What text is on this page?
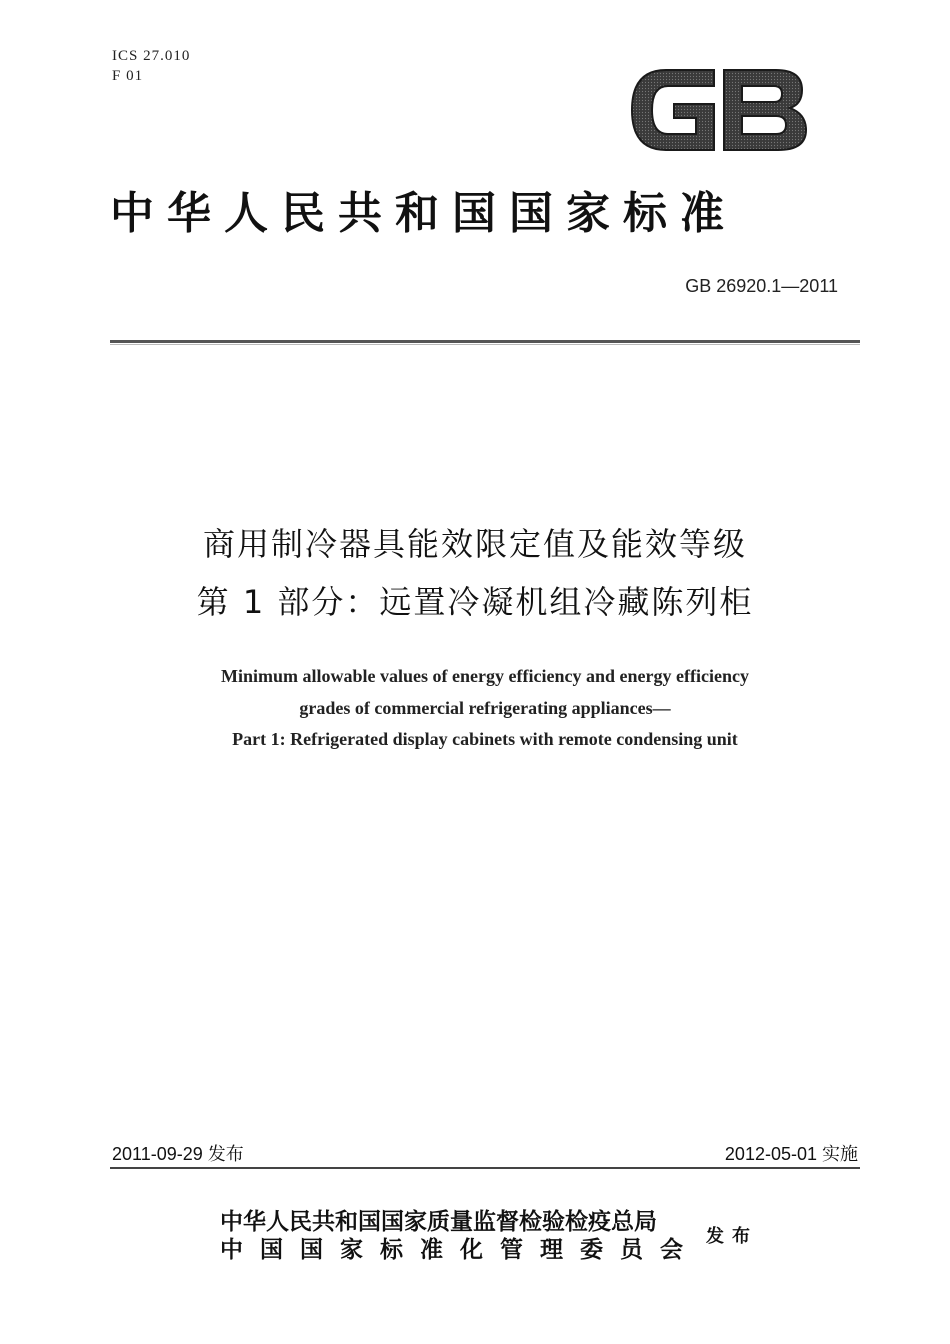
ICS 27.010
F 01
中华人民共和国国家标准
GB 26920.1—2011
商用制冷器具能效限定值及能效等级
第 1 部分：远置冷凝机组冷藏陈列柜
Minimum allowable values of energy efficiency and energy efficiency
grades of commercial refrigerating appliances—
Part 1: Refrigerated display cabinets with remote condensing unit
2011-09-29 发布	2012-05-01 实施
中华人民共和国国家质量监督检验检疫总局
中国国家标准化管理委员会
发布
